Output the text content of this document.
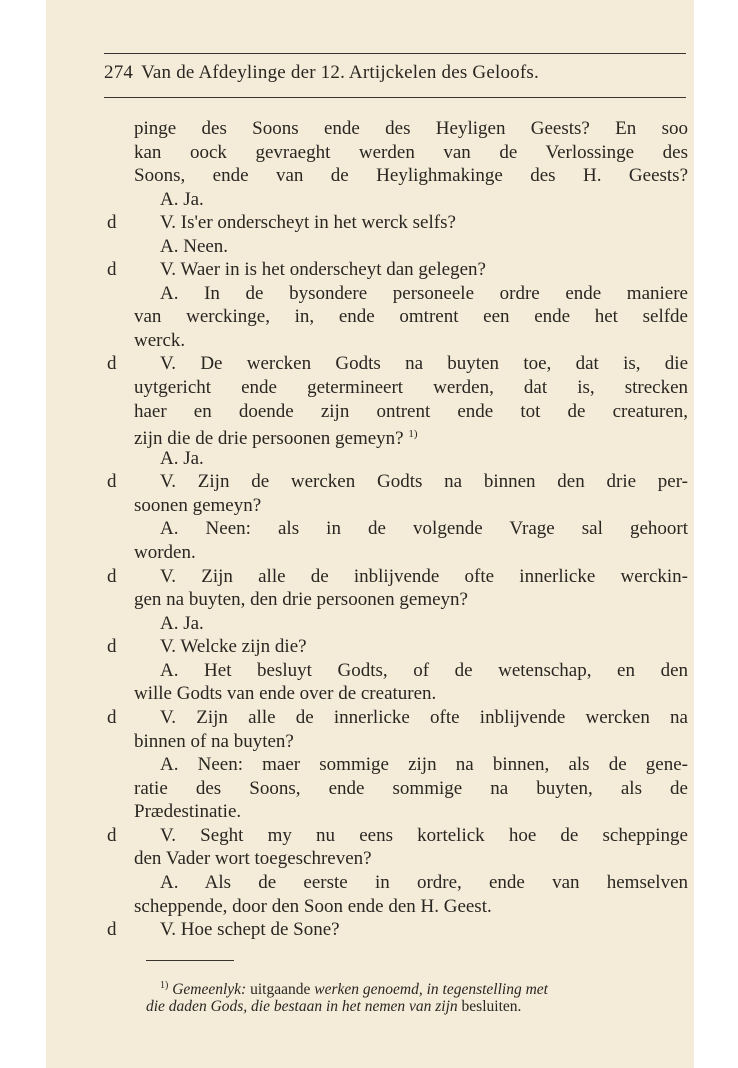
274 Van de Afdeylinge der 12. Artijckelen des Geloofs.
pinge des Soons ende des Heyligen Geests? En soo
kan oock gevraeght werden van de Verlossinge des
Soons, ende van de Heylighmakinge des H. Geests?
A. Ja.
d V. Is'er onderscheyt in het werck selfs?
A. Neen.
d V. Waer in is het onderscheyt dan gelegen?
A. In de bysondere personeele ordre ende maniere
van werckinge, in, ende omtrent een ende het selfde
werck.
d V. De wercken Godts na buyten toe, dat is, die
uytgericht ende getermineert werden, dat is, strecken
haer en doende zijn ontrent ende tot de creaturen,
zijn die de drie persoonen gemeyn? $^{1)}$
A. Ja.
d V. Zijn de wercken Godts na binnen den drie per-
soonen gemeyn?
A. Neen: als in de volgende Vrage sal gehoort
worden.
d V. Zijn alle de inblijvende ofte innerlicke werckin-
gen na buyten, den drie persoonen gemeyn?
A. Ja.
d V. Welcke zijn die?
A. Het besluyt Godts, of de wetenschap, en den
wille Godts van ende over de creaturen.
d V. Zijn alle de innerlicke ofte inblijvende wercken na
binnen of na buyten?
A. Neen: maer sommige zijn na binnen, als de gene-
ratie des Soons, ende sommige na buyten, als de
Prædestinatie.
d V. Seght my nu eens kortelick hoe de scheppinge
den Vader wort toegeschreven?
A. Als de eerste in ordre, ende van hemselven
scheppende, door den Soon ende den H. Geest.
d V. Hoe schept de Sone?
$^{1)}$ Gemeenlyk: uitgaande werken genoemd, in tegenstelling met
die daden Gods, die bestaan in het nemen van zijn besluiten.
